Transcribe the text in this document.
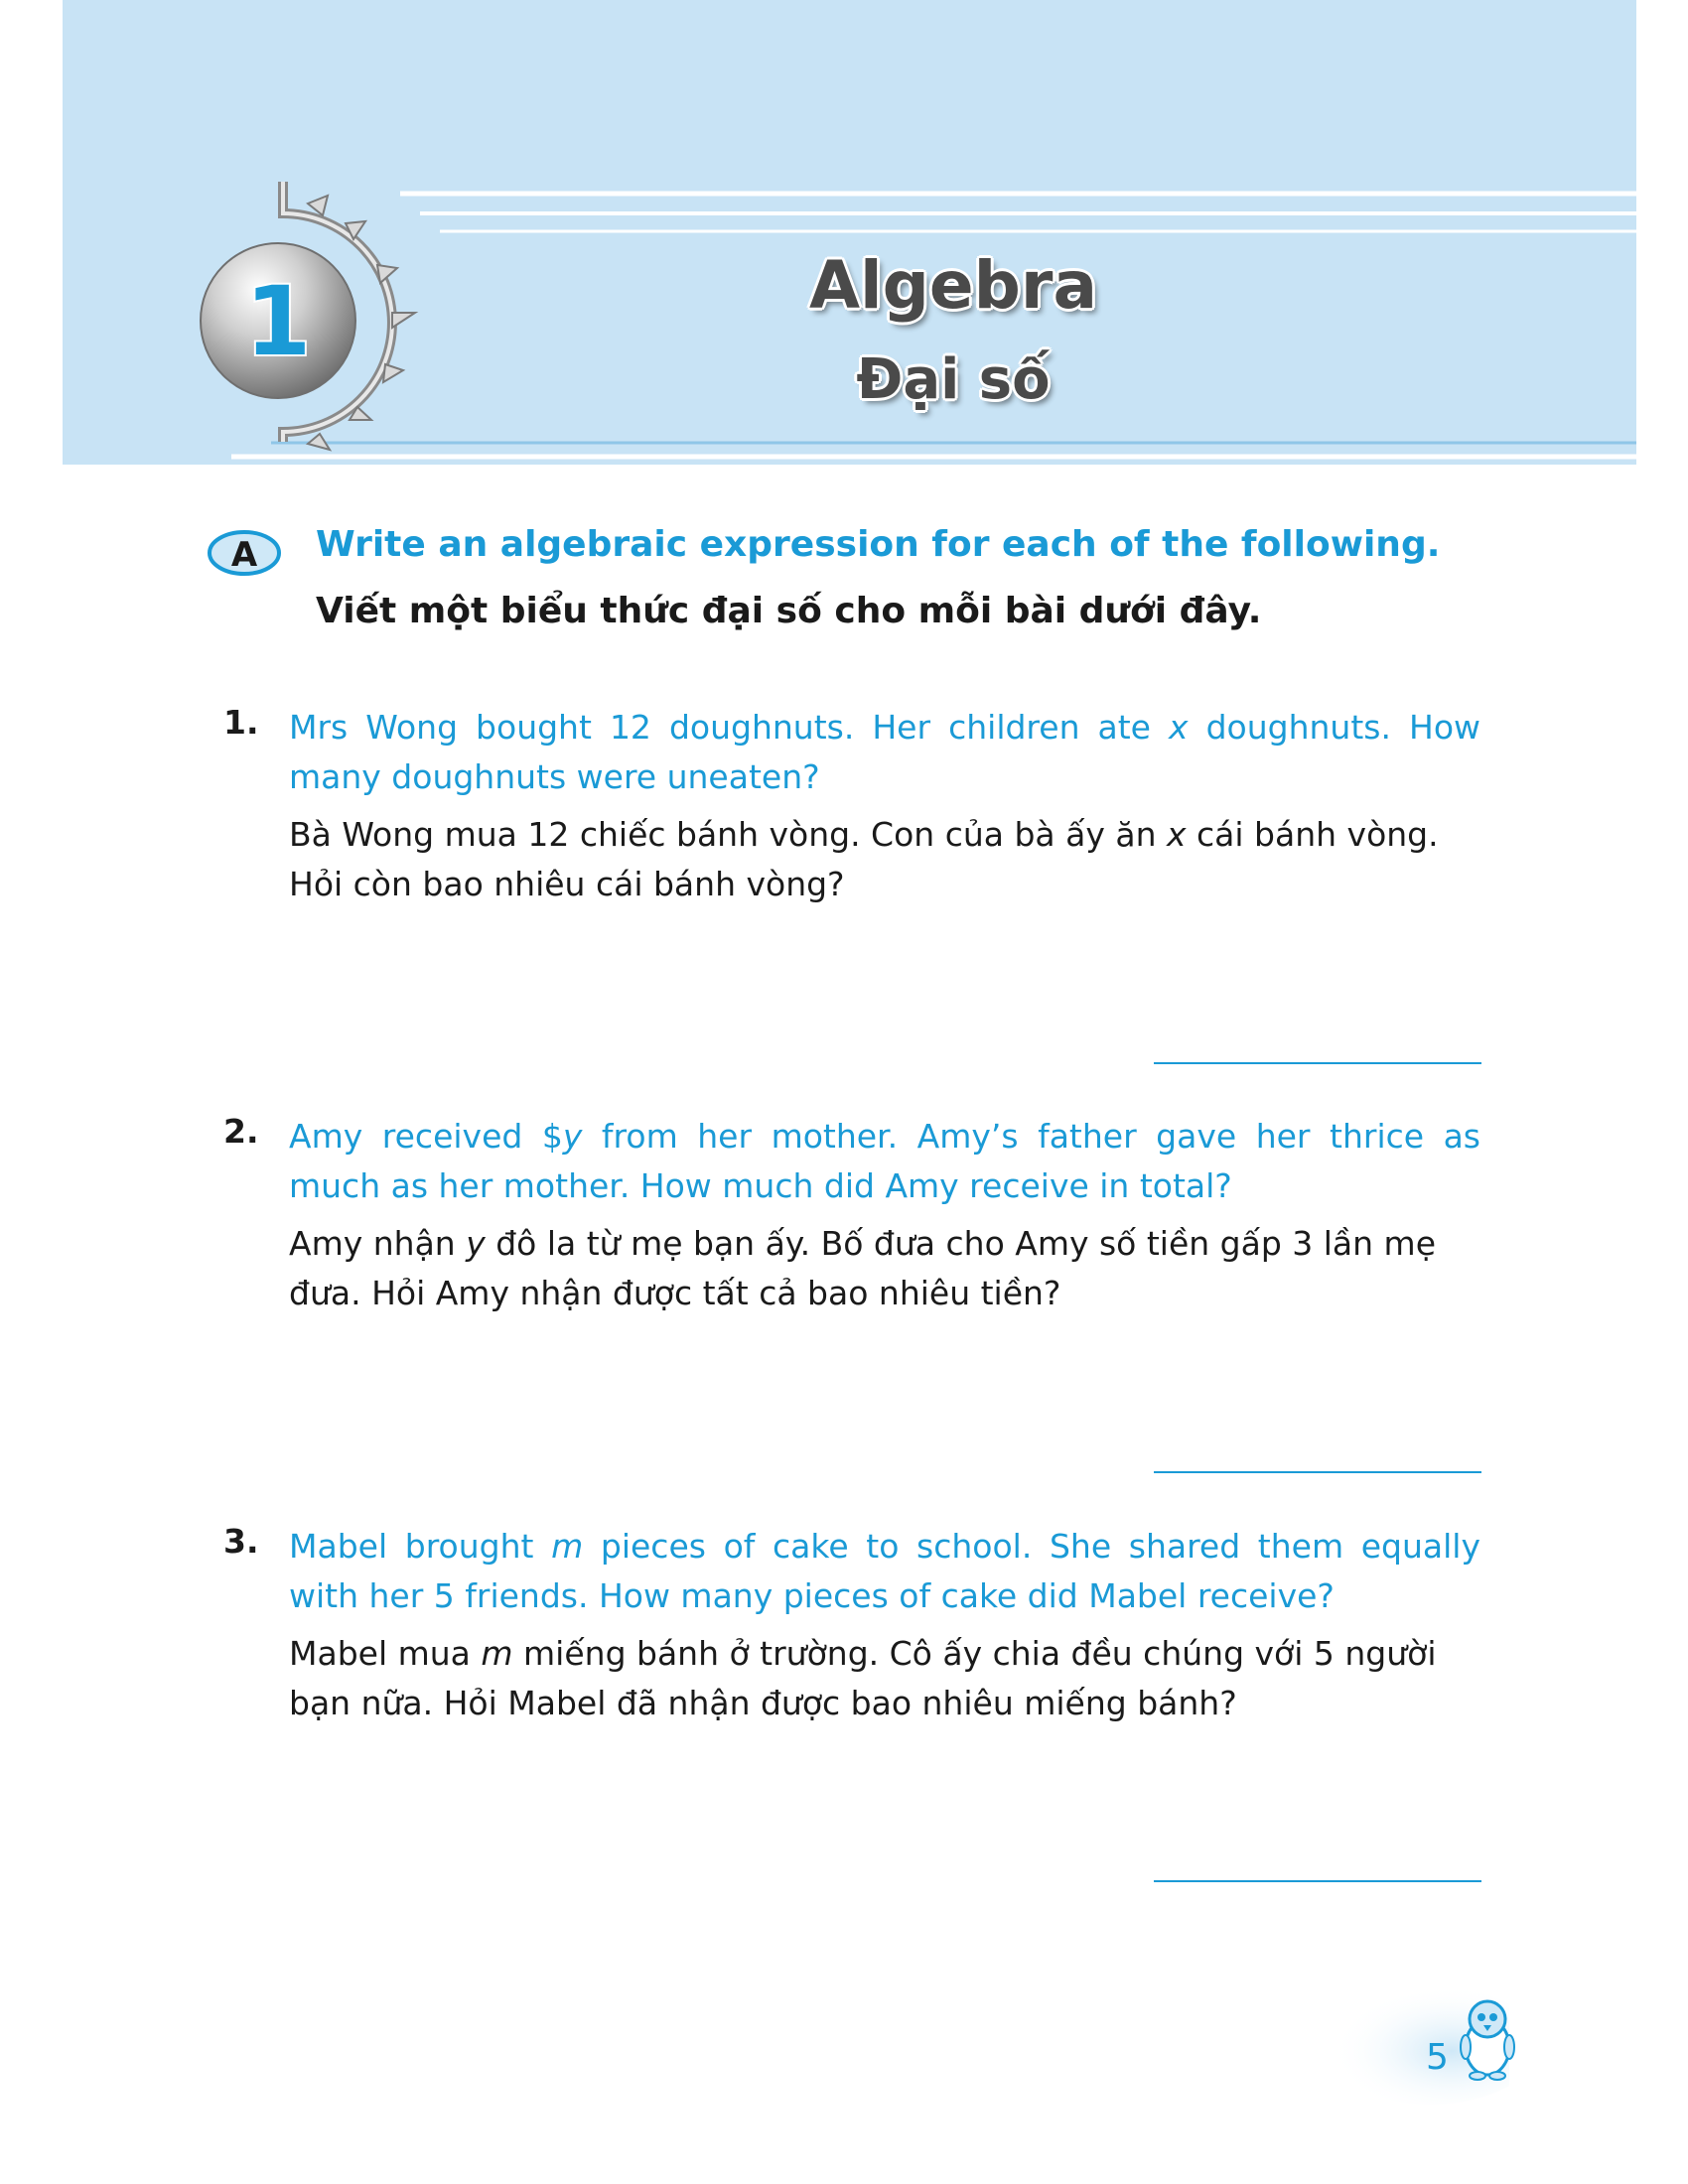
1	Algebra
Đại số
A Write an algebraic expression for each of the following.
Viết một biểu thức đại số cho mỗi bài dưới đây.
1. Mrs Wong bought 12 doughnuts. Her children ate x doughnuts. How many doughnuts were uneaten?
Bà Wong mua 12 chiếc bánh vòng. Con của bà ấy ăn x cái bánh vòng. Hỏi còn bao nhiêu cái bánh vòng?
2. Amy received $y from her mother. Amy’s father gave her thrice as much as her mother. How much did Amy receive in total?
Amy nhận y đô la từ mẹ bạn ấy. Bố đưa cho Amy số tiền gấp 3 lần mẹ đưa. Hỏi Amy nhận được tất cả bao nhiêu tiền?
3. Mabel brought m pieces of cake to school. She shared them equally with her 5 friends. How many pieces of cake did Mabel receive?
Mabel mua m miếng bánh ở trường. Cô ấy chia đều chúng với 5 người bạn nữa. Hỏi Mabel đã nhận được bao nhiêu miếng bánh?
5
